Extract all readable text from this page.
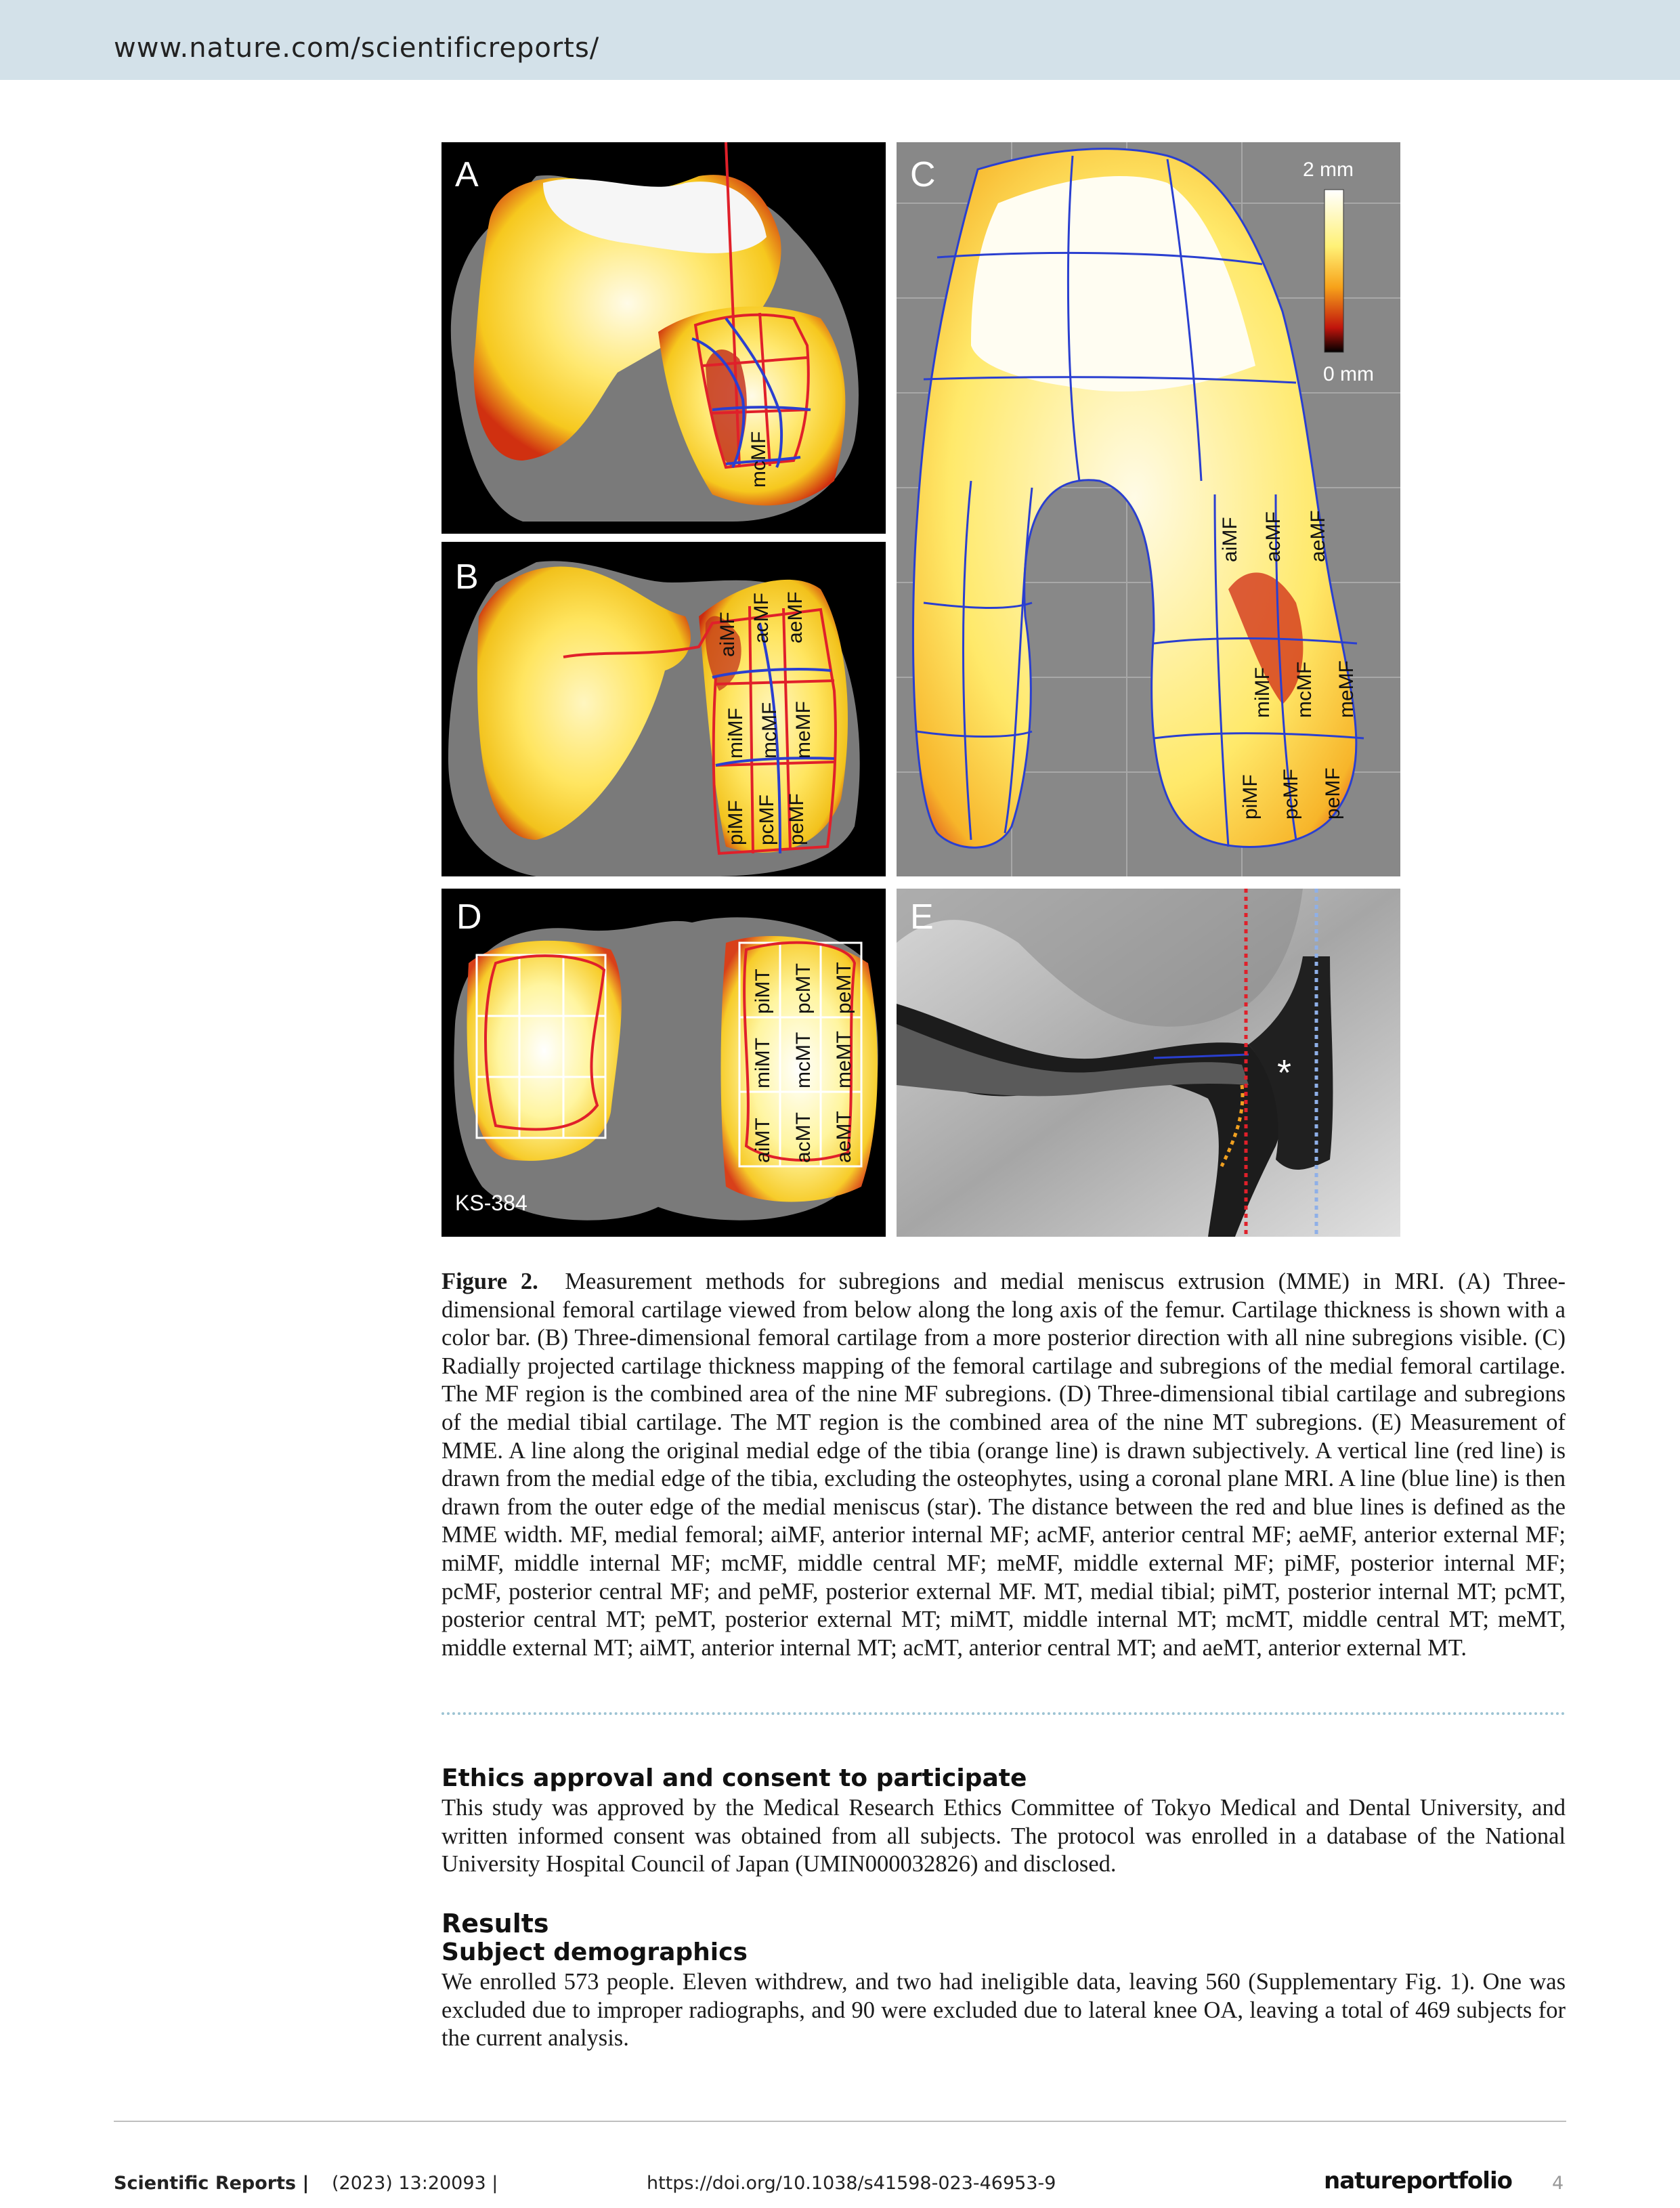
www.nature.com/scientificreports/
mcMF
A
aiMF acMF aeMF
miMF mcMF meMF
piMF pcMF peMF
B
2 mm
0 mm
aiMF acMF aeMF
miMF mcMF meMF
piMF pcMF peMF
C
piMT pcMT peMT
miMT mcMT meMT
aiMT acMT aeMT
KS-384
D
*
E
Figure 2. Measurement methods for subregions and medial meniscus extrusion (MME) in MRI. (A) Three-dimensional femoral cartilage viewed from below along the long axis of the femur. Cartilage thickness is shown with a color bar. (B) Three-dimensional femoral cartilage from a more posterior direction with all nine subregions visible. (C) Radially projected cartilage thickness mapping of the femoral cartilage and subregions of the medial femoral cartilage. The MF region is the combined area of the nine MF subregions. (D) Three-dimensional tibial cartilage and subregions of the medial tibial cartilage. The MT region is the combined area of the nine MT subregions. (E) Measurement of MME. A line along the original medial edge of the tibia (orange line) is drawn subjectively. A vertical line (red line) is drawn from the medial edge of the tibia, excluding the osteophytes, using a coronal plane MRI. A line (blue line) is then drawn from the outer edge of the medial meniscus (star). The distance between the red and blue lines is defined as the MME width. MF, medial femoral; aiMF, anterior internal MF; acMF, anterior central MF; aeMF, anterior external MF; miMF, middle internal MF; mcMF, middle central MF; meMF, middle external MF; piMF, posterior internal MF; pcMF, posterior central MF; and peMF, posterior external MF. MT, medial tibial; piMT, posterior internal MT; pcMT, posterior central MT; peMT, posterior external MT; miMT, middle internal MT; mcMT, middle central MT; meMT, middle external MT; aiMT, anterior internal MT; acMT, anterior central MT; and aeMT, anterior external MT.
Ethics approval and consent to participate
This study was approved by the Medical Research Ethics Committee of Tokyo Medical and Dental University, and written informed consent was obtained from all subjects. The protocol was enrolled in a database of the National University Hospital Council of Japan (UMIN000032826) and disclosed.
Results
Subject demographics
We enrolled 573 people. Eleven withdrew, and two had ineligible data, leaving 560 (Supplementary Fig. 1). One was excluded due to improper radiographs, and 90 were excluded due to lateral knee OA, leaving a total of 469 subjects for the current analysis.
Scientific Reports | (2023) 13:20093 |	https://doi.org/10.1038/s41598-023-46953-9	natureportfolio 4
